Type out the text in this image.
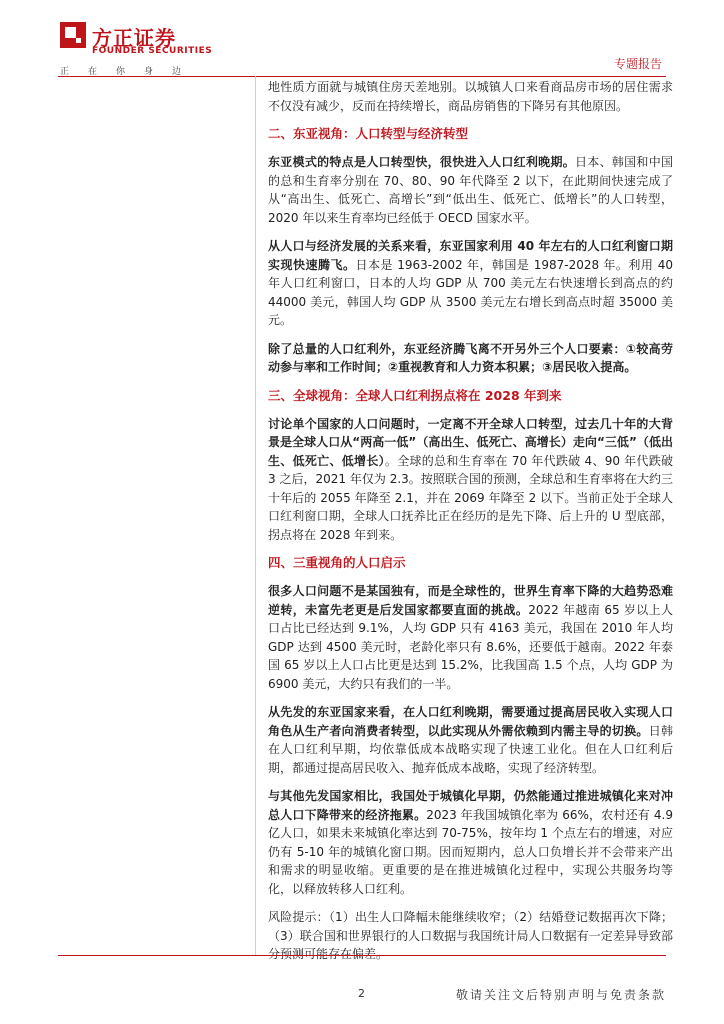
方正证券
FOUNDER SECURITIES
正 在 你 身 边
专题报告

地性质方面就与城镇住房天差地别。以城镇人口来看商品房市场的居住需求不仅没有减少，反而在持续增长，商品房销售的下降另有其他原因。

二、东亚视角：人口转型与经济转型

东亚模式的特点是人口转型快，很快进入人口红利晚期。日本、韩国和中国的总和生育率分别在 70、80、90 年代降至 2 以下，在此期间快速完成了从“高出生、低死亡、高增长”到“低出生、低死亡、低增长”的人口转型，2020 年以来生育率均已经低于 OECD 国家水平。

从人口与经济发展的关系来看，东亚国家利用 40 年左右的人口红利窗口期实现快速腾飞。日本是 1963-2002 年，韩国是 1987-2028 年。利用 40 年人口红利窗口，日本的人均 GDP 从 700 美元左右快速增长到高点的约 44000 美元，韩国人均 GDP 从 3500 美元左右增长到高点时超 35000 美元。

除了总量的人口红利外，东亚经济腾飞离不开另外三个人口要素：①较高劳动参与率和工作时间；②重视教育和人力资本积累；③居民收入提高。

三、全球视角：全球人口红利拐点将在 2028 年到来

讨论单个国家的人口问题时，一定离不开全球人口转型，过去几十年的大背景是全球人口从“两高一低”（高出生、低死亡、高增长）走向“三低”（低出生、低死亡、低增长）。全球的总和生育率在 70 年代跌破 4、90 年代跌破 3 之后，2021 年仅为 2.3。按照联合国的预测，全球总和生育率将在大约三十年后的 2055 年降至 2.1，并在 2069 年降至 2 以下。当前正处于全球人口红利窗口期，全球人口抚养比正在经历的是先下降、后上升的 U 型底部，拐点将在 2028 年到来。

四、三重视角的人口启示

很多人口问题不是某国独有，而是全球性的，世界生育率下降的大趋势恐难逆转，未富先老更是后发国家都要直面的挑战。2022 年越南 65 岁以上人口占比已经达到 9.1%，人均 GDP 只有 4163 美元，我国在 2010 年人均 GDP 达到 4500 美元时，老龄化率只有 8.6%，还要低于越南。2022 年泰国 65 岁以上人口占比更是达到 15.2%，比我国高 1.5 个点，人均 GDP 为 6900 美元，大约只有我们的一半。

从先发的东亚国家来看，在人口红利晚期，需要通过提高居民收入实现人口角色从生产者向消费者转型，以此实现从外需依赖到内需主导的切换。日韩在人口红利早期，均依靠低成本战略实现了快速工业化。但在人口红利后期，都通过提高居民收入、抛弃低成本战略，实现了经济转型。

与其他先发国家相比，我国处于城镇化早期，仍然能通过推进城镇化来对冲总人口下降带来的经济拖累。2023 年我国城镇化率为 66%，农村还有 4.9 亿人口，如果未来城镇化率达到 70-75%，按年均 1 个点左右的增速，对应仍有 5-10 年的城镇化窗口期。因而短期内，总人口负增长并不会带来产出和需求的明显收缩。更重要的是在推进城镇化过程中，实现公共服务均等化，以释放转移人口红利。

风险提示：（1）出生人口降幅未能继续收窄；（2）结婚登记数据再次下降；（3）联合国和世界银行的人口数据与我国统计局人口数据有一定差异导致部分预测可能存在偏差。

2	敬请关注文后特别声明与免责条款
